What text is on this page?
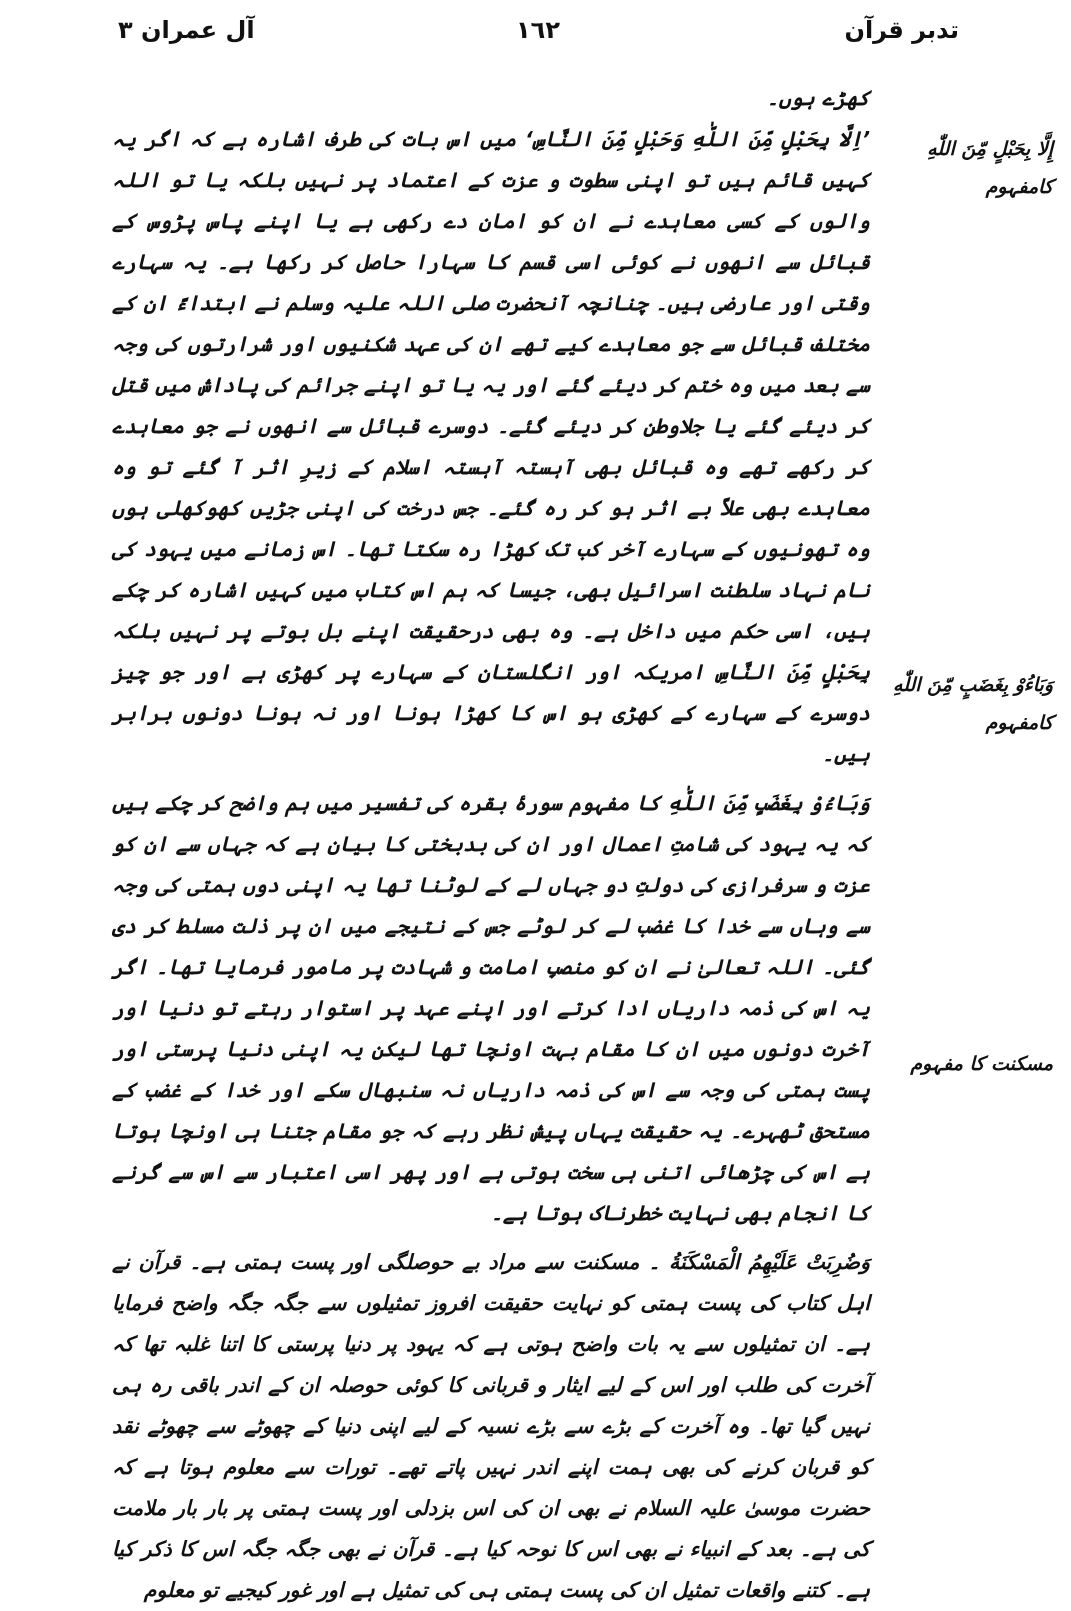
تدبر قرآن
١٦٢
آل عمران ٣
إِلَّا بِحَبْلٍ مِّنَ اللّٰهِ کامفہوم
وَبَاءُوْ بِغَضَبٍ مِّنَ اللّٰهِ کامفہوم
مسکنت کا مفہوم

کھڑے ہوں۔

’اِلَّا بِحَبْلٍ مِّنَ اللّٰهِ وَحَبْلٍ مِّنَ النَّاسِ‘ میں اس بات کی طرف اشارہ ہے کہ اگر یہ کہیں قائم ہیں تو اپنی سطوت و عزت کے اعتماد پر نہیں بلکہ یا تو اللہ والوں کے کسی معاہدے نے ان کو امان دے رکھی ہے یا اپنے پاس پڑوس کے قبائل سے انھوں نے کوئی اسی قسم کا سہارا حاصل کر رکھا ہے۔ یہ سہارے وقتی اور عارضی ہیں۔ چنانچہ آنحضرت صلی اللہ علیہ وسلم نے ابتداءً ان کے مختلف قبائل سے جو معاہدے کیے تھے ان کی عہد شکنیوں اور شرارتوں کی وجہ سے بعد میں وہ ختم کر دیئے گئے اور یہ یا تو اپنے جرائم کی پاداش میں قتل کر دیئے گئے یا جلاوطن کر دیئے گئے۔ دوسرے قبائل سے انھوں نے جو معاہدے کر رکھے تھے وہ قبائل بھی آہستہ آہستہ اسلام کے زیرِ اثر آ گئے تو وہ معاہدے بھی علاً بے اثر ہو کر رہ گئے۔ جس درخت کی اپنی جڑیں کھوکھلی ہوں وہ تھونیوں کے سہارے آخر کب تک کھڑا رہ سکتا تھا۔ اس زمانے میں یہود کی نام نہاد سلطنت اسرائیل بھی، جیسا کہ ہم اس کتاب میں کہیں اشارہ کر چکے ہیں، اسی حکم میں داخل ہے۔ وہ بھی درحقیقت اپنے بل بوتے پر نہیں بلکہ بِحَبْلٍ مِّنَ النَّاسِ امریکہ اور انگلستان کے سہارے پر کھڑی ہے اور جو چیز دوسرے کے سہارے کے کھڑی ہو اس کا کھڑا ہونا اور نہ ہونا دونوں برابر ہیں۔

وَبَاءُوْ بِغَضَبٍ مِّنَ اللّٰهِ کا مفہوم سورۂ بقرہ کی تفسیر میں ہم واضح کر چکے ہیں کہ یہ یہود کی شامتِ اعمال اور ان کی بدبختی کا بیان ہے کہ جہاں سے ان کو عزت و سرفرازی کی دولتِ دو جہاں لے کے لوٹنا تھا یہ اپنی دوں ہمتی کی وجہ سے وہاں سے خدا کا غضب لے کر لوٹے جس کے نتیجے میں ان پر ذلت مسلط کر دی گئی۔ اللہ تعالیٰ نے ان کو منصبِ امامت و شہادت پر مامور فرمایا تھا۔ اگر یہ اس کی ذمہ داریاں ادا کرتے اور اپنے عہد پر استوار رہتے تو دنیا اور آخرت دونوں میں ان کا مقام بہت اونچا تھا لیکن یہ اپنی دنیا پرستی اور پست ہمتی کی وجہ سے اس کی ذمہ داریاں نہ سنبھال سکے اور خدا کے غضب کے مستحق ٹھہرے۔ یہ حقیقت یہاں پیش نظر رہے کہ جو مقام جتنا ہی اونچا ہوتا ہے اس کی چڑھائی اتنی ہی سخت ہوتی ہے اور پھر اسی اعتبار سے اس سے گرنے کا انجام بھی نہایت خطرناک ہوتا ہے۔

وَضُرِبَتْ عَلَيْهِمُ الْمَسْكَنَةُ ۔ مسکنت سے مراد بے حوصلگی اور پست ہمتی ہے۔ قرآن نے اہل کتاب کی پست ہمتی کو نہایت حقیقت افروز تمثیلوں سے جگہ جگہ واضح فرمایا ہے۔ ان تمثیلوں سے یہ بات واضح ہوتی ہے کہ یہود پر دنیا پرستی کا اتنا غلبہ تھا کہ آخرت کی طلب اور اس کے لیے ایثار و قربانی کا کوئی حوصلہ ان کے اندر باقی رہ ہی نہیں گیا تھا۔ وہ آخرت کے بڑے سے بڑے نسیہ کے لیے اپنی دنیا کے چھوٹے سے چھوٹے نقد کو قربان کرنے کی بھی ہمت اپنے اندر نہیں پاتے تھے۔ تورات سے معلوم ہوتا ہے کہ حضرت موسیٰ علیہ السلام نے بھی ان کی اس بزدلی اور پست ہمتی پر بار بار ملامت کی ہے۔ بعد کے انبیاء نے بھی اس کا نوحہ کیا ہے۔ قرآن نے بھی جگہ جگہ اس کا ذکر کیا ہے۔ کتنے واقعات تمثیل ان کی پست ہمتی ہی کی تمثیل ہے اور غور کیجیے تو معلوم
